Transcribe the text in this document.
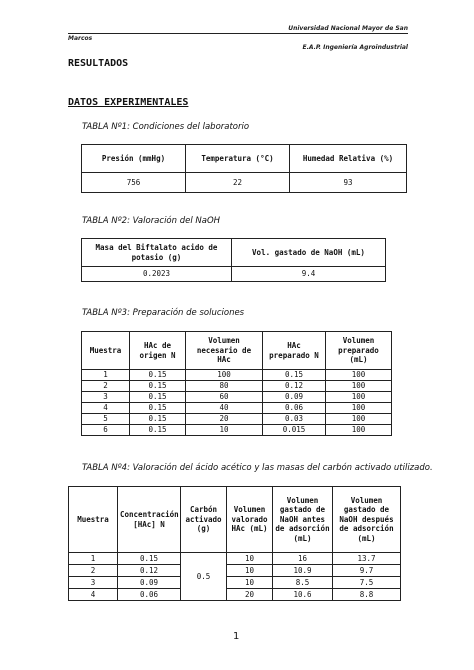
Universidad Nacional Mayor de San
Marcos
E.A.P. Ingeniería Agroindustrial
RESULTADOS
DATOS EXPERIMENTALES
TABLA Nº1: Condiciones del laboratorio
Presión (mmHg)	Temperatura (°C)	Humedad Relativa (%)
756	22	93
TABLA Nº2: Valoración del NaOH
Masa del Biftalato acido de potasio (g)	Vol. gastado de NaOH (mL)
0.2023	9.4
TABLA Nº3: Preparación de soluciones
Muestra	HAc de origen N	Volumen necesario de HAc	HAc preparado N	Volumen preparado (mL)
1	0.15	100	0.15	100
2	0.15	80	0.12	100
3	0.15	60	0.09	100
4	0.15	40	0.06	100
5	0.15	20	0.03	100
6	0.15	10	0.015	100
TABLA Nº4: Valoración del ácido acético y las masas del carbón activado utilizado.
Muestra	Concentración [HAc] N	Carbón activado (g)	Volumen valorado HAc (mL)	Volumen gastado de NaOH antes de adsorción (mL)	Volumen gastado de NaOH después de adsorción (mL)
1	0.15	0.5	10	16	13.7
2	0.12		10	10.9	9.7
3	0.09		10	8.5	7.5
4	0.06		20	10.6	8.8
1
